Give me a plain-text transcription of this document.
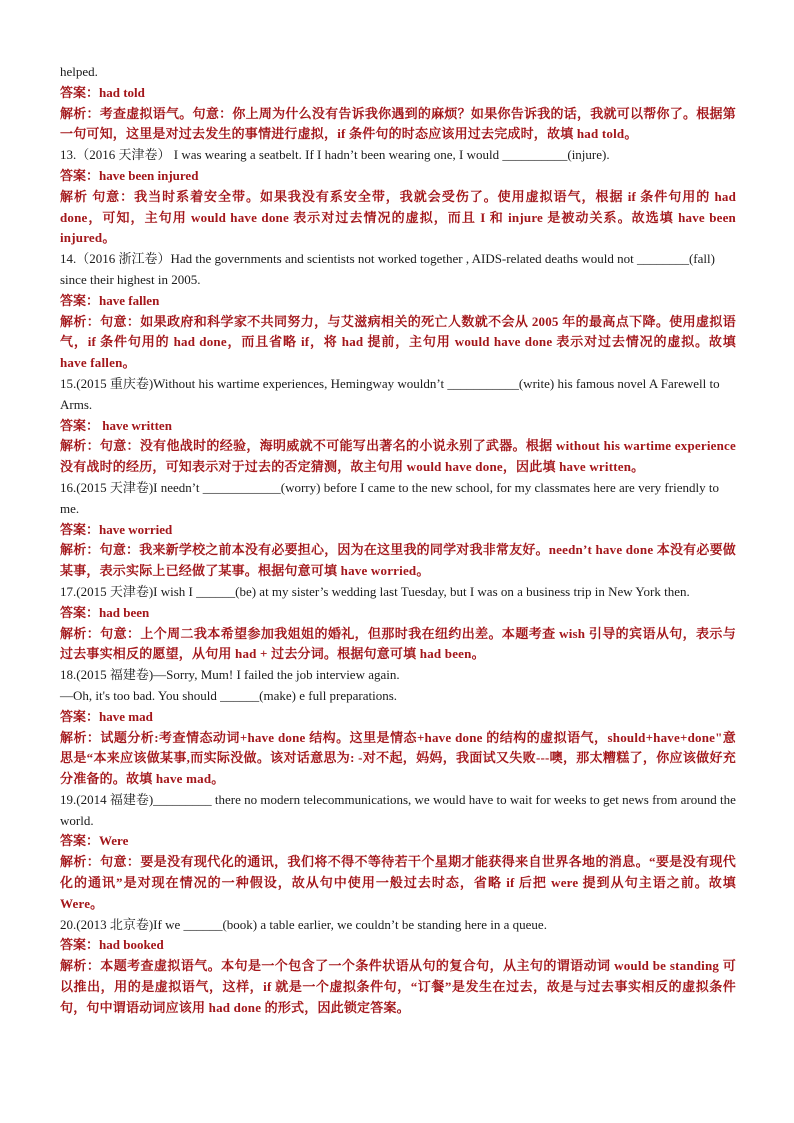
helped.

答案：had told

解析：考查虚拟语气。句意：你上周为什么没有告诉我你遇到的麻烦？如果你告诉我的话，我就可以帮你了。根据第一句可知，这里是对过去发生的事情进行虚拟，if 条件句的时态应该用过去完成时，故填 had told。

13.（2016 天津卷） I was wearing a seatbelt. If I hadn’t been wearing one, I would __________(injure).

答案：have been injured

解析 句意：我当时系着安全带。如果我没有系安全带，我就会受伤了。使用虚拟语气，根据 if 条件句用的 had done，可知，主句用 would have done 表示对过去情况的虚拟，而且 I 和 injure 是被动关系。故选填 have been injured。

14.（2016 浙江卷）Had the governments and scientists not worked together , AIDS-related deaths would not ________(fall) since their highest in 2005.

答案：have fallen

解析：句意：如果政府和科学家不共同努力，与艾滋病相关的死亡人数就不会从 2005 年的最高点下降。使用虚拟语气，if 条件句用的 had done，而且省略 if，将 had 提前，主句用 would have done 表示对过去情况的虚拟。故填 have fallen。

15.(2015 重庆卷)Without his wartime experiences, Hemingway wouldn’t ___________(write) his famous novel A Farewell to Arms.

答案： have written

解析：句意：没有他战时的经验，海明威就不可能写出著名的小说永别了武器。根据 without his wartime experience 没有战时的经历，可知表示对于过去的否定猜测，故主句用 would have done，因此填 have written。

16.(2015 天津卷)I needn’t ____________(worry) before I came to the new school, for my classmates here are very friendly to me.

答案：have worried

解析：句意：我来新学校之前本没有必要担心，因为在这里我的同学对我非常友好。needn’t have done 本没有必要做某事，表示实际上已经做了某事。根据句意可填 have worried。

17.(2015 天津卷)I wish I ______(be) at my sister’s wedding last Tuesday, but I was on a business trip in New York then.

答案：had been

解析：句意：上个周二我本希望参加我姐姐的婚礼，但那时我在纽约出差。本题考查 wish 引导的宾语从句，表示与过去事实相反的愿望，从句用 had + 过去分词。根据句意可填 had been。

18.(2015 福建卷)—Sorry, Mum! I failed the job interview again.
—Oh, it's too bad. You should ______(make) e full preparations.

答案：have mad

解析：试题分析:考查情态动词+have done 结构。这里是情态+have done 的结构的虚拟语气，should+have+done"意思是“本来应该做某事,而实际没做。该对话意思为: -对不起，妈妈，我面试又失败---噢，那太糟糕了，你应该做好充分准备的。故填 have mad。

19.(2014 福建卷)_________ there no modern telecommunications, we would have to wait for weeks to get news from around the world.

答案：Were

解析：句意：要是没有现代化的通讯，我们将不得不等待若干个星期才能获得来自世界各地的消息。“要是没有现代化的通讯”是对现在情况的一种假设，故从句中使用一般过去时态，省略 if 后把 were 提到从句主语之前。故填 Were。

20.(2013 北京卷)If we ______(book) a table earlier, we couldn’t be standing here in a queue.

答案：had booked

解析：本题考查虚拟语气。本句是一个包含了一个条件状语从句的复合句，从主句的谓语动词 would be standing 可以推出，用的是虚拟语气，这样，if 就是一个虚拟条件句，“订餐”是发生在过去，故是与过去事实相反的虚拟条件句，句中谓语动词应该用 had done 的形式，因此锁定答案。
